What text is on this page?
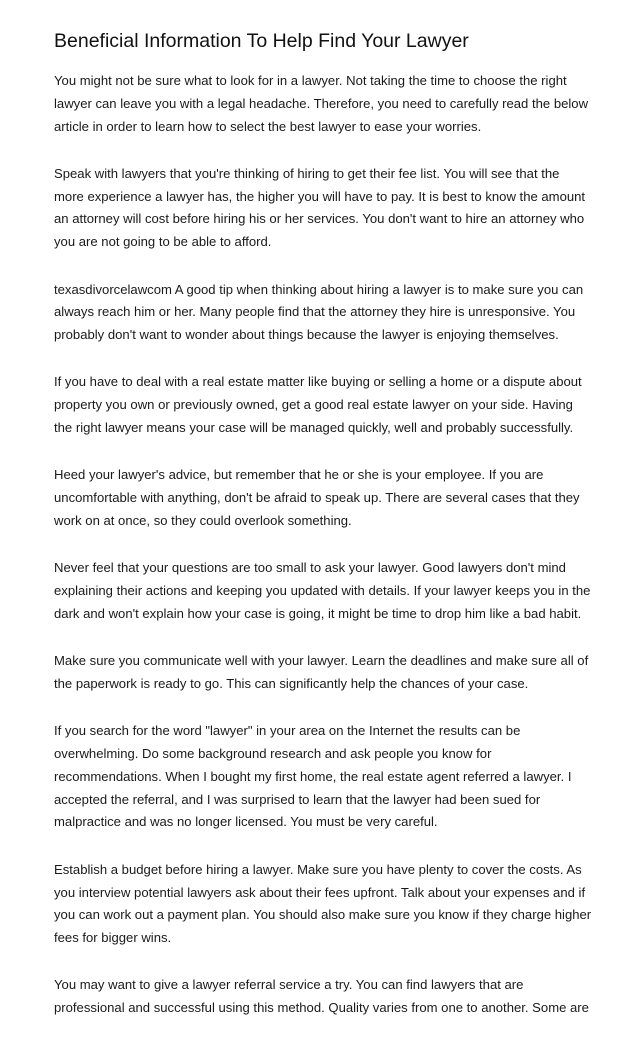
Beneficial Information To Help Find Your Lawyer

You might not be sure what to look for in a lawyer. Not taking the time to choose the right
lawyer can leave you with a legal headache. Therefore, you need to carefully read the below
article in order to learn how to select the best lawyer to ease your worries.

Speak with lawyers that you're thinking of hiring to get their fee list. You will see that the
more experience a lawyer has, the higher you will have to pay. It is best to know the amount
an attorney will cost before hiring his or her services. You don't want to hire an attorney who
you are not going to be able to afford.

texasdivorcelawcom A good tip when thinking about hiring a lawyer is to make sure you can
always reach him or her. Many people find that the attorney they hire is unresponsive. You
probably don't want to wonder about things because the lawyer is enjoying themselves.

If you have to deal with a real estate matter like buying or selling a home or a dispute about
property you own or previously owned, get a good real estate lawyer on your side. Having
the right lawyer means your case will be managed quickly, well and probably successfully.

Heed your lawyer's advice, but remember that he or she is your employee. If you are
uncomfortable with anything, don't be afraid to speak up. There are several cases that they
work on at once, so they could overlook something.

Never feel that your questions are too small to ask your lawyer. Good lawyers don't mind
explaining their actions and keeping you updated with details. If your lawyer keeps you in the
dark and won't explain how your case is going, it might be time to drop him like a bad habit.

Make sure you communicate well with your lawyer. Learn the deadlines and make sure all of
the paperwork is ready to go. This can significantly help the chances of your case.

If you search for the word "lawyer" in your area on the Internet the results can be
overwhelming. Do some background research and ask people you know for
recommendations. When I bought my first home, the real estate agent referred a lawyer. I
accepted the referral, and I was surprised to learn that the lawyer had been sued for
malpractice and was no longer licensed. You must be very careful.

Establish a budget before hiring a lawyer. Make sure you have plenty to cover the costs. As
you interview potential lawyers ask about their fees upfront. Talk about your expenses and if
you can work out a payment plan. You should also make sure you know if they charge higher
fees for bigger wins.

You may want to give a lawyer referral service a try. You can find lawyers that are
professional and successful using this method. Quality varies from one to another. Some are
